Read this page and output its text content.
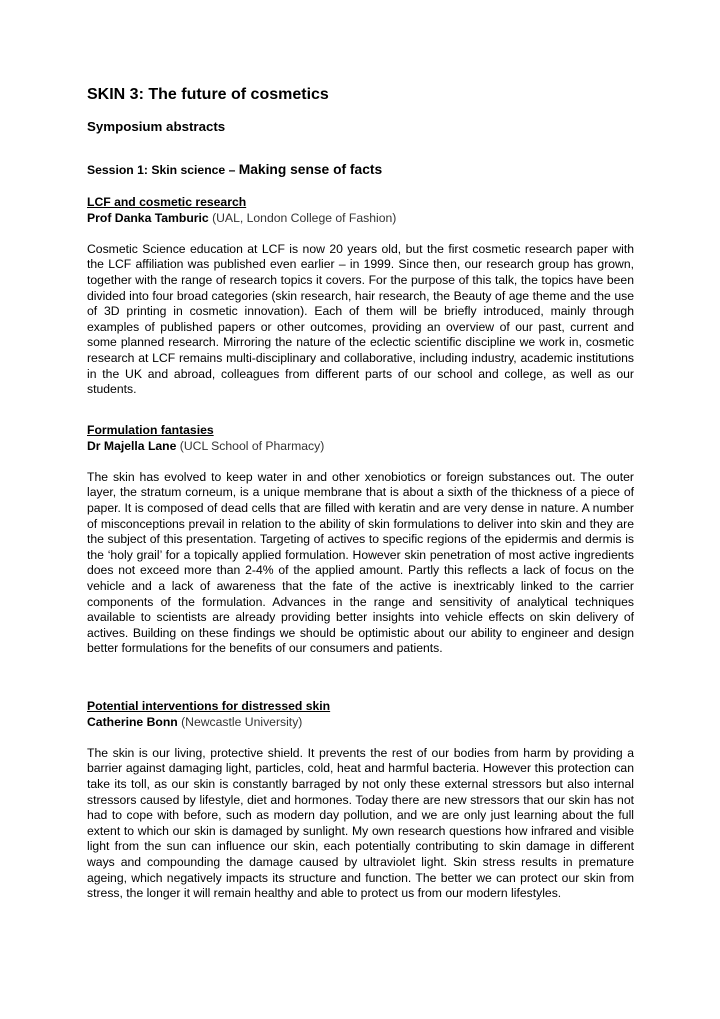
SKIN 3: The future of cosmetics
Symposium abstracts

Session 1: Skin science – Making sense of facts

LCF and cosmetic research

Prof Danka Tamburic (UAL, London College of Fashion)

Cosmetic Science education at LCF is now 20 years old, but the first cosmetic research paper with the LCF affiliation was published even earlier – in 1999. Since then, our research group has grown, together with the range of research topics it covers. For the purpose of this talk, the topics have been divided into four broad categories (skin research, hair research, the Beauty of age theme and the use of 3D printing in cosmetic innovation). Each of them will be briefly introduced, mainly through examples of published papers or other outcomes, providing an overview of our past, current and some planned research. Mirroring the nature of the eclectic scientific discipline we work in, cosmetic research at LCF remains multi-disciplinary and collaborative, including industry, academic institutions in the UK and abroad, colleagues from different parts of our school and college, as well as our students.

Formulation fantasies

Dr Majella Lane (UCL School of Pharmacy)

The skin has evolved to keep water in and other xenobiotics or foreign substances out. The outer layer, the stratum corneum, is a unique membrane that is about a sixth of the thickness of a piece of paper. It is composed of dead cells that are filled with keratin and are very dense in nature. A number of misconceptions prevail in relation to the ability of skin formulations to deliver into skin and they are the subject of this presentation. Targeting of actives to specific regions of the epidermis and dermis is the ‘holy grail’ for a topically applied formulation. However skin penetration of most active ingredients does not exceed more than 2-4% of the applied amount. Partly this reflects a lack of focus on the vehicle and a lack of awareness that the fate of the active is inextricably linked to the carrier components of the formulation. Advances in the range and sensitivity of analytical techniques available to scientists are already providing better insights into vehicle effects on skin delivery of actives. Building on these findings we should be optimistic about our ability to engineer and design better formulations for the benefits of our consumers and patients.

Potential interventions for distressed skin

Catherine Bonn (Newcastle University)

The skin is our living, protective shield. It prevents the rest of our bodies from harm by providing a barrier against damaging light, particles, cold, heat and harmful bacteria. However this protection can take its toll, as our skin is constantly barraged by not only these external stressors but also internal stressors caused by lifestyle, diet and hormones. Today there are new stressors that our skin has not had to cope with before, such as modern day pollution, and we are only just learning about the full extent to which our skin is damaged by sunlight. My own research questions how infrared and visible light from the sun can influence our skin, each potentially contributing to skin damage in different ways and compounding the damage caused by ultraviolet light. Skin stress results in premature ageing, which negatively impacts its structure and function. The better we can protect our skin from stress, the longer it will remain healthy and able to protect us from our modern lifestyles.
